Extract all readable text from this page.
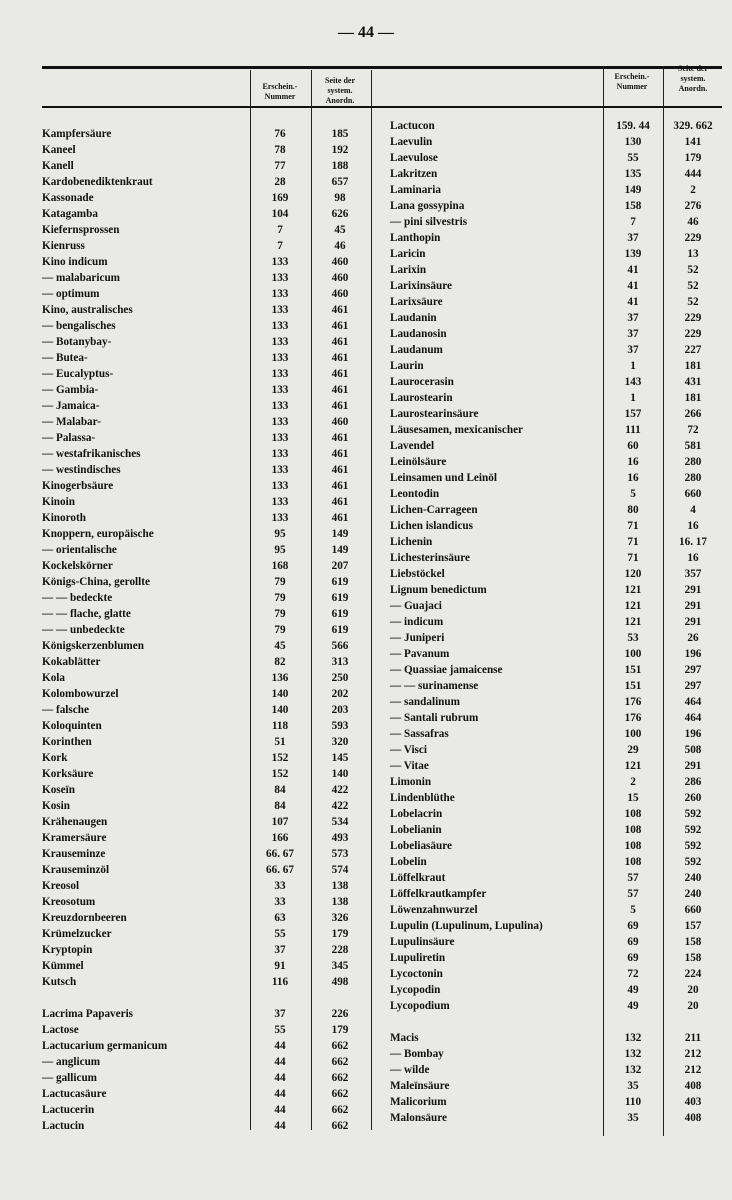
— 44 —
Erschein.-
Nummer
Seite der
system.
Anordn.
Erschein.-
Nummer
Seite der
system.
Anordn.
Kampfersäure	76	185
Kaneel	78	192
Kanell	77	188
Kardobenediktenkraut	28	657
Kassonade	169	98
Katagamba	104	626
Kiefernsprossen	7	45
Kienruss	7	46
Kino indicum	133	460
— malabaricum	133	460
— optimum	133	460
Kino, australisches	133	461
— bengalisches	133	461
— Botanybay-	133	461
— Butea-	133	461
— Eucalyptus-	133	461
— Gambia-	133	461
— Jamaica-	133	461
— Malabar-	133	460
— Palassa-	133	461
— westafrikanisches	133	461
— westindisches	133	461
Kinogerbsäure	133	461
Kinoin	133	461
Kinoroth	133	461
Knoppern, europäische	95	149
— orientalische	95	149
Kockelskörner	168	207
Königs-China, gerollte	79	619
— — bedeckte	79	619
— — flache, glatte	79	619
— — unbedeckte	79	619
Königskerzenblumen	45	566
Kokablätter	82	313
Kola	136	250
Kolombowurzel	140	202
— falsche	140	203
Koloquinten	118	593
Korinthen	51	320
Kork	152	145
Korksäure	152	140
Koseïn	84	422
Kosin	84	422
Krähenaugen	107	534
Kramersäure	166	493
Krauseminze	66. 67	573
Krauseminzöl	66. 67	574
Kreosol	33	138
Kreosotum	33	138
Kreuzdornbeeren	63	326
Krümelzucker	55	179
Kryptopin	37	228
Kümmel	91	345
Kutsch	116	498
Lacrima Papaveris	37	226
Lactose	55	179
Lactucarium germanicum	44	662
— anglicum	44	662
— gallicum	44	662
Lactucasäure	44	662
Lactucerin	44	662
Lactucin	44	662
Lactucon	159. 44	329. 662
Laevulin	130	141
Laevulose	55	179
Lakritzen	135	444
Laminaria	149	2
Lana gossypina	158	276
— pini silvestris	7	46
Lanthopin	37	229
Laricin	139	13
Larixin	41	52
Larixinsäure	41	52
Larixsäure	41	52
Laudanin	37	229
Laudanosin	37	229
Laudanum	37	227
Laurin	1	181
Laurocerasin	143	431
Laurostearin	1	181
Laurostearinsäure	157	266
Läusesamen, mexicanischer	111	72
Lavendel	60	581
Leinölsäure	16	280
Leinsamen und Leinöl	16	280
Leontodin	5	660
Lichen-Carrageen	80	4
Lichen islandicus	71	16
Lichenin	71	16. 17
Lichesterinsäure	71	16
Liebstöckel	120	357
Lignum benedictum	121	291
— Guajaci	121	291
— indicum	121	291
— Juniperi	53	26
— Pavanum	100	196
— Quassiae jamaicense	151	297
— — surinamense	151	297
— sandalinum	176	464
— Santali rubrum	176	464
— Sassafras	100	196
— Visci	29	508
— Vitae	121	291
Limonin	2	286
Lindenblüthe	15	260
Lobelacrin	108	592
Lobelianin	108	592
Lobeliasäure	108	592
Lobelin	108	592
Löffelkraut	57	240
Löffelkrautkampfer	57	240
Löwenzahnwurzel	5	660
Lupulin (Lupulinum, Lupulina)	69	157
Lupulinsäure	69	158
Lupuliretin	69	158
Lycoctonin	72	224
Lycopodin	49	20
Lycopodium	49	20
Macis	132	211
— Bombay	132	212
— wilde	132	212
Maleïnsäure	35	408
Malicorium	110	403
Malonsäure	35	408
